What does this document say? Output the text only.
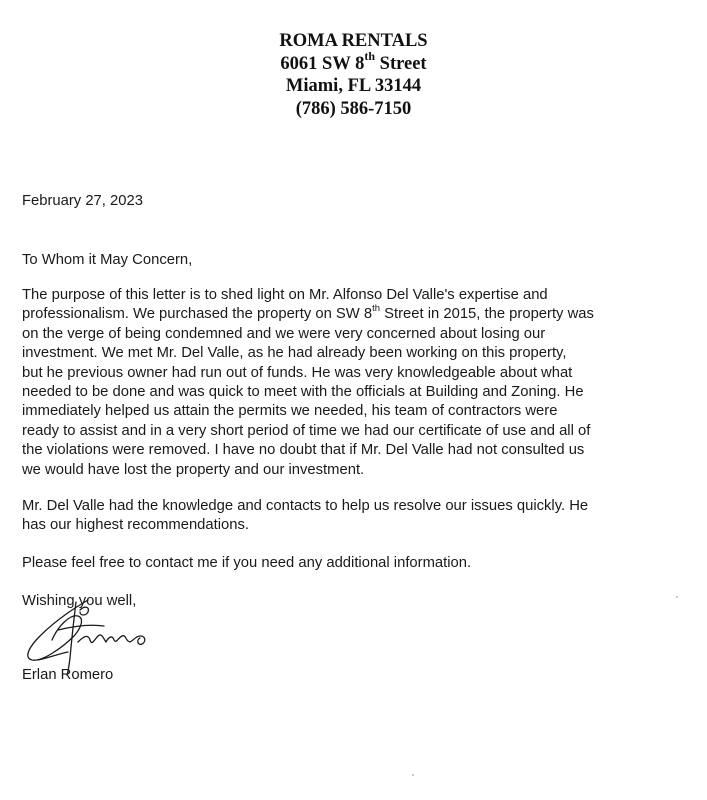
ROMA RENTALS
6061 SW 8th Street
Miami, FL 33144
(786) 586-7150
February 27, 2023
To Whom it May Concern,
The purpose of this letter is to shed light on Mr. Alfonso Del Valle's expertise and
professionalism. We purchased the property on SW 8th Street in 2015, the property was
on the verge of being condemned and we were very concerned about losing our
investment. We met Mr. Del Valle, as he had already been working on this property,
but he previous owner had run out of funds. He was very knowledgeable about what
needed to be done and was quick to meet with the officials at Building and Zoning. He
immediately helped us attain the permits we needed, his team of contractors were
ready to assist and in a very short period of time we had our certificate of use and all of
the violations were removed. I have no doubt that if Mr. Del Valle had not consulted us
we would have lost the property and our investment.
Mr. Del Valle had the knowledge and contacts to help us resolve our issues quickly. He
has our highest recommendations.
Please feel free to contact me if you need any additional information.
Wishing you well,
Erlan Romero
